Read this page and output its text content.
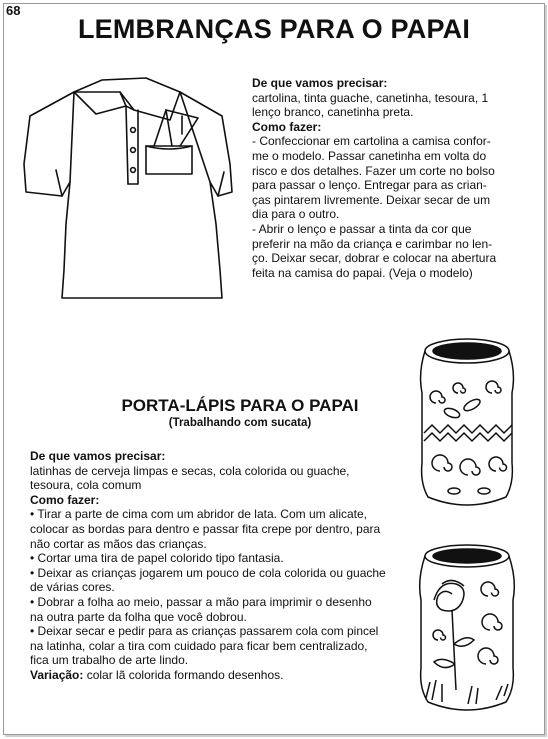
68
LEMBRANÇAS PARA O PAPAI

De que vamos precisar:

cartolina, tinta guache, canetinha, tesoura, 1

lenço branco, canetinha preta.

Como fazer:

- Confeccionar em cartolina a camisa confor-

me o modelo. Passar canetinha em volta do

risco e dos detalhes. Fazer um corte no bolso

para passar o lenço. Entregar para as crian-

ças pintarem livremente. Deixar secar de um

dia para o outro.

- Abrir o lenço e passar a tinta da cor que

preferir na mão da criança e carimbar no len-

ço. Deixar secar, dobrar e colocar na abertura

feita na camisa do papai. (Veja o modelo)

PORTA-LÁPIS PARA O PAPAI
(Trabalhando com sucata)

De que vamos precisar:

latinhas de cerveja limpas e secas, cola colorida ou guache,

tesoura, cola comum

Como fazer:

• Tirar a parte de cima com um abridor de lata. Com um alicate,

colocar as bordas para dentro e passar fita crepe por dentro, para

não cortar as mãos das crianças.

• Cortar uma tira de papel colorido tipo fantasia.

• Deixar as crianças jogarem um pouco de cola colorida ou guache

de várias cores.

• Dobrar a folha ao meio, passar a mão para imprimir o desenho

na outra parte da folha que você dobrou.

• Deixar secar e pedir para as crianças passarem cola com pincel

na latinha, colar a tira com cuidado para ficar bem centralizado,

fica um trabalho de arte lindo.

Variação: colar lã colorida formando desenhos.
